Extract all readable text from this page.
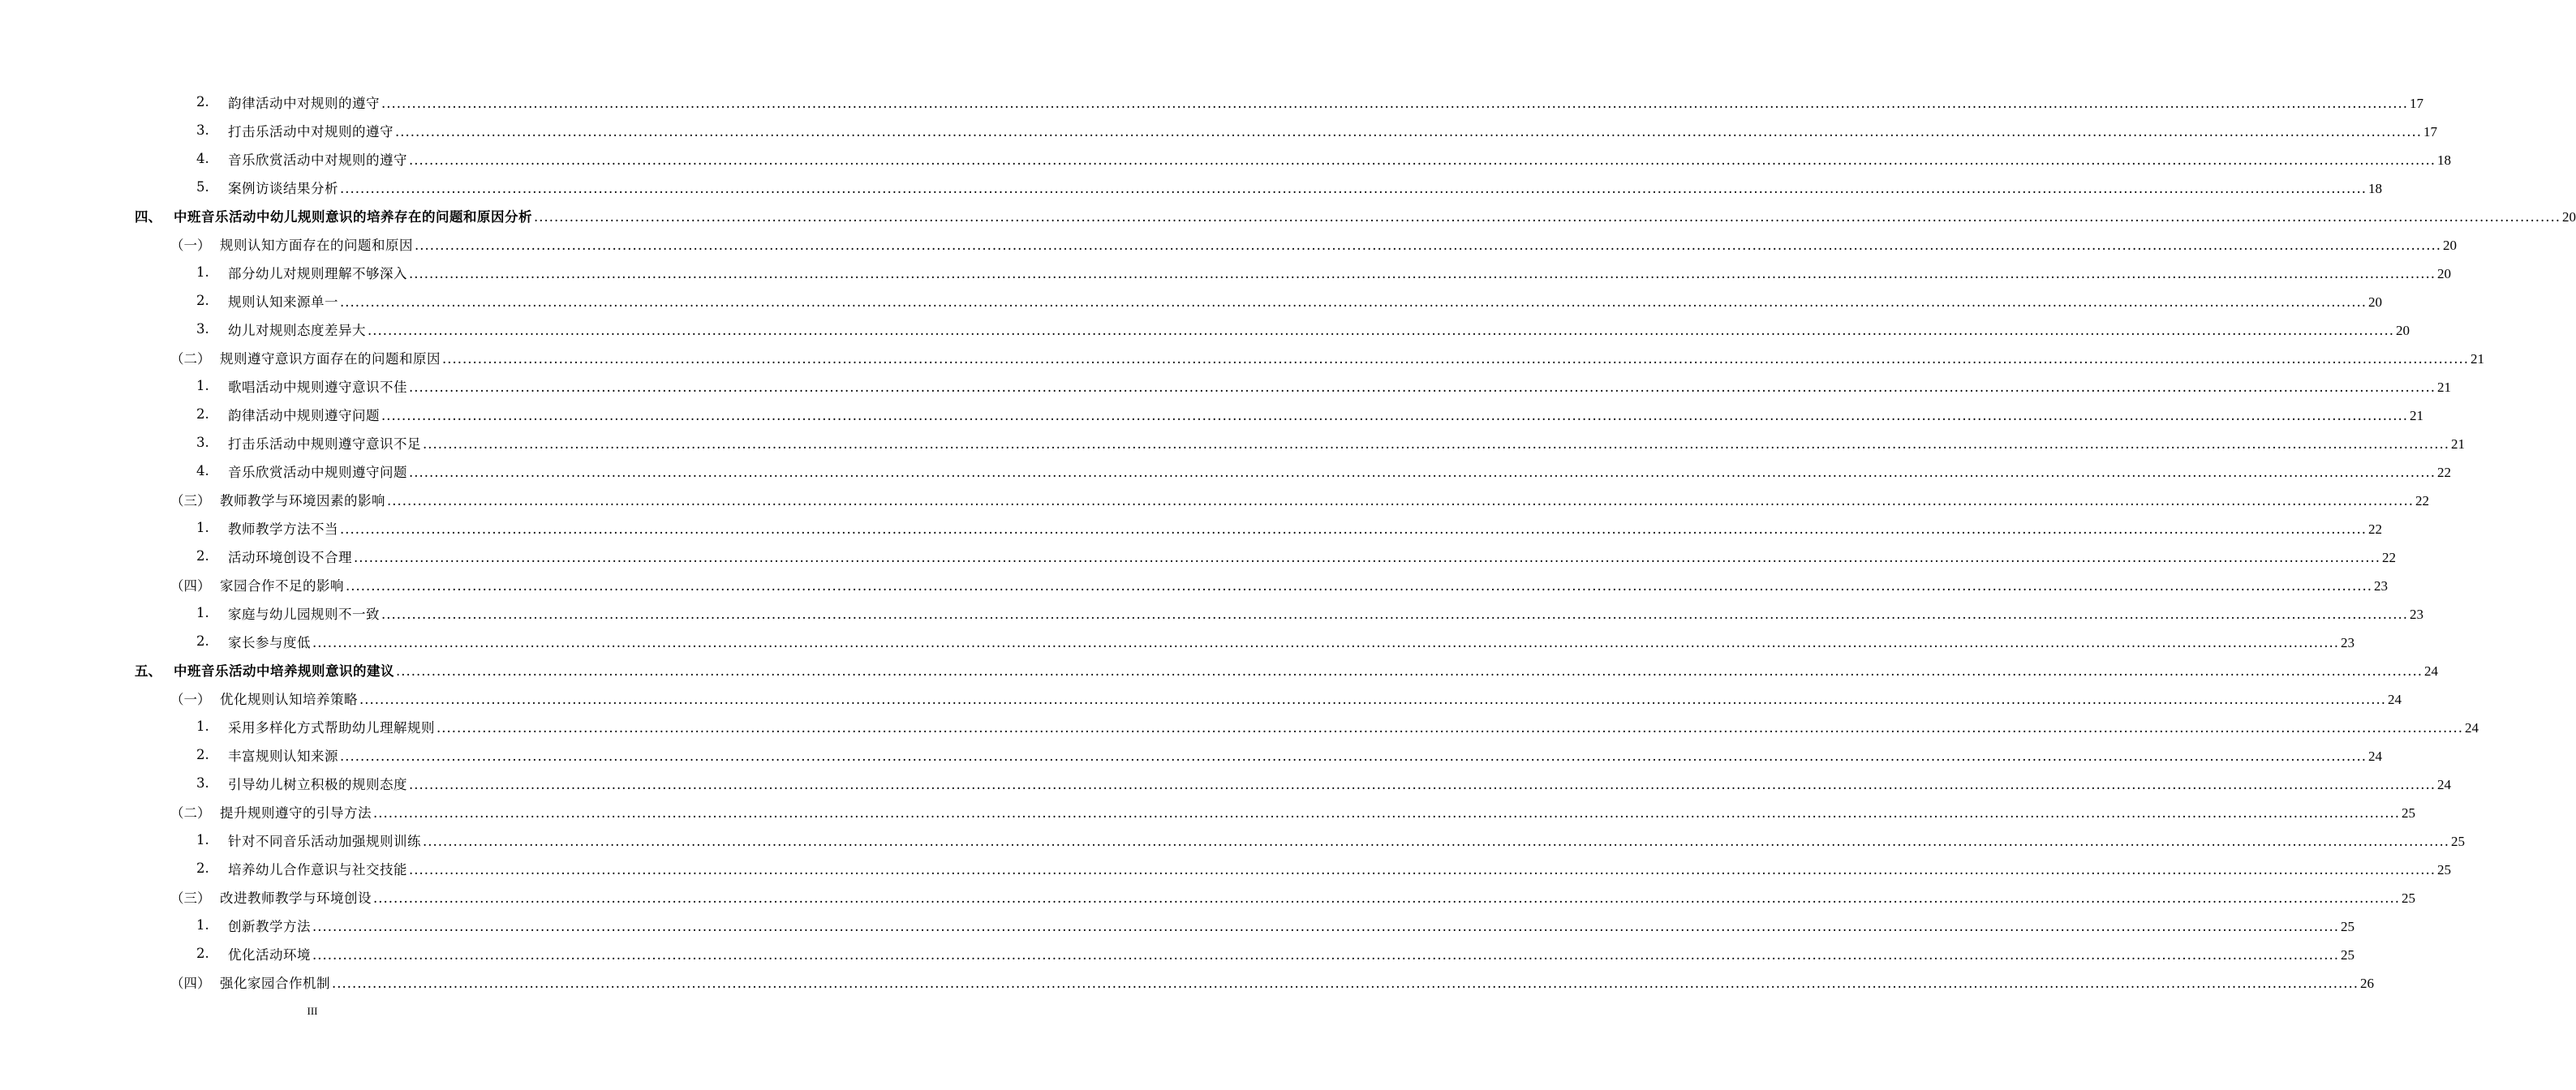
2. 韵律活动中对规则的遵守 ................................................................................................................................................................................................................................................................................................................................................................................................................ 17
3. 打击乐活动中对规则的遵守 ................................................................................................................................................................................................................................................................................................................................................................................................................ 17
4. 音乐欣赏活动中对规则的遵守 ................................................................................................................................................................................................................................................................................................................................................................................................................ 18
5. 案例访谈结果分析 ................................................................................................................................................................................................................................................................................................................................................................................................................ 18
四、 中班音乐活动中幼儿规则意识的培养存在的问题和原因分析 ................................................................................................................................................................................................................................................................................................................................................................................................................ 20
（一） 规则认知方面存在的问题和原因 ................................................................................................................................................................................................................................................................................................................................................................................................................ 20
1. 部分幼儿对规则理解不够深入 ................................................................................................................................................................................................................................................................................................................................................................................................................ 20
2. 规则认知来源单一 ................................................................................................................................................................................................................................................................................................................................................................................................................ 20
3. 幼儿对规则态度差异大 ................................................................................................................................................................................................................................................................................................................................................................................................................ 20
（二） 规则遵守意识方面存在的问题和原因 ................................................................................................................................................................................................................................................................................................................................................................................................................ 21
1. 歌唱活动中规则遵守意识不佳 ................................................................................................................................................................................................................................................................................................................................................................................................................ 21
2. 韵律活动中规则遵守问题 ................................................................................................................................................................................................................................................................................................................................................................................................................ 21
3. 打击乐活动中规则遵守意识不足 ................................................................................................................................................................................................................................................................................................................................................................................................................ 21
4. 音乐欣赏活动中规则遵守问题 ................................................................................................................................................................................................................................................................................................................................................................................................................ 22
（三） 教师教学与环境因素的影响 ................................................................................................................................................................................................................................................................................................................................................................................................................ 22
1. 教师教学方法不当 ................................................................................................................................................................................................................................................................................................................................................................................................................ 22
2. 活动环境创设不合理 ................................................................................................................................................................................................................................................................................................................................................................................................................ 22
（四） 家园合作不足的影响 ................................................................................................................................................................................................................................................................................................................................................................................................................ 23
1. 家庭与幼儿园规则不一致 ................................................................................................................................................................................................................................................................................................................................................................................................................ 23
2. 家长参与度低 ................................................................................................................................................................................................................................................................................................................................................................................................................ 23
五、 中班音乐活动中培养规则意识的建议 ................................................................................................................................................................................................................................................................................................................................................................................................................ 24
（一） 优化规则认知培养策略 ................................................................................................................................................................................................................................................................................................................................................................................................................ 24
1. 采用多样化方式帮助幼儿理解规则 ................................................................................................................................................................................................................................................................................................................................................................................................................ 24
2. 丰富规则认知来源 ................................................................................................................................................................................................................................................................................................................................................................................................................ 24
3. 引导幼儿树立积极的规则态度 ................................................................................................................................................................................................................................................................................................................................................................................................................ 24
（二） 提升规则遵守的引导方法 ................................................................................................................................................................................................................................................................................................................................................................................................................ 25
1. 针对不同音乐活动加强规则训练 ................................................................................................................................................................................................................................................................................................................................................................................................................ 25
2. 培养幼儿合作意识与社交技能 ................................................................................................................................................................................................................................................................................................................................................................................................................ 25
（三） 改进教师教学与环境创设 ................................................................................................................................................................................................................................................................................................................................................................................................................ 25
1. 创新教学方法 ................................................................................................................................................................................................................................................................................................................................................................................................................ 25
2. 优化活动环境 ................................................................................................................................................................................................................................................................................................................................................................................................................ 25
（四） 强化家园合作机制 ................................................................................................................................................................................................................................................................................................................................................................................................................ 26
III
